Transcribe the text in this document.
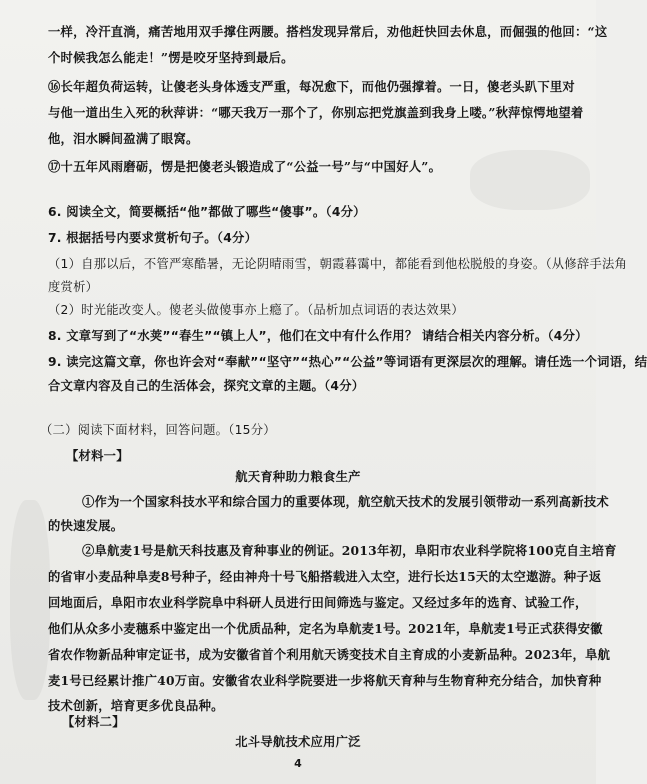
一样，冷汗直淌，痛苦地用双手撑住两腰。搭档发现异常后，劝他赶快回去休息，而倔强的他回：“这
个时候我怎么能走！”愣是咬牙坚持到最后。
⑯长年超负荷运转，让傻老头身体透支严重，每况愈下，而他仍强撑着。一日，傻老头趴下里对
与他一道出生入死的秋萍讲：“哪天我万一那个了，你别忘把党旗盖到我身上喽。”秋萍惊愕地望着
他，泪水瞬间盈满了眼窝。
⑰十五年风雨磨砺，愣是把傻老头锻造成了“公益一号”与“中国好人”。
6. 阅读全文，简要概括“他”都做了哪些“傻事”。（4分）
7. 根据括号内要求赏析句子。（4分）
（1）自那以后，不管严寒酷暑，无论阴晴雨雪，朝霞暮霭中，都能看到他松脱般的身姿。（从修辞手法角
度赏析）
（2）时光能改变人。傻老头做傻事亦上瘾了。（品析加点词语的表达效果）
8. 文章写到了“水荚”“春生”“镇上人”，他们在文中有什么作用？ 请结合相关内容分析。（4分）
9. 读完这篇文章，你也许会对“奉献”“坚守”“热心”“公益”等词语有更深层次的理解。请任选一个词语，结
合文章内容及自己的生活体会，探究文章的主题。（4分）
（二）阅读下面材料，回答问题。（15分）
【材料一】
航天育种助力粮食生产
①作为一个国家科技水平和综合国力的重要体现，航空航天技术的发展引领带动一系列高新技术
的快速发展。
②阜航麦1号是航天科技惠及育种事业的例证。2013年初，阜阳市农业科学院将100克自主培育
的省审小麦品种阜麦8号种子，经由神舟十号飞船搭载进入太空，进行长达15天的太空遨游。种子返
回地面后，阜阳市农业科学院阜中科研人员进行田间筛选与鉴定。又经过多年的选育、试验工作，
他们从众多小麦穗系中鉴定出一个优质品种，定名为阜航麦1号。2021年，阜航麦1号正式获得安徽
省农作物新品种审定证书，成为安徽省首个利用航天诱变技术自主育成的小麦新品种。2023年，阜航
麦1号已经累计推广40万亩。安徽省农业科学院要进一步将航天育种与生物育种充分结合，加快育种
技术创新，培育更多优良品种。
【材料二】
北斗导航技术应用广泛
4
